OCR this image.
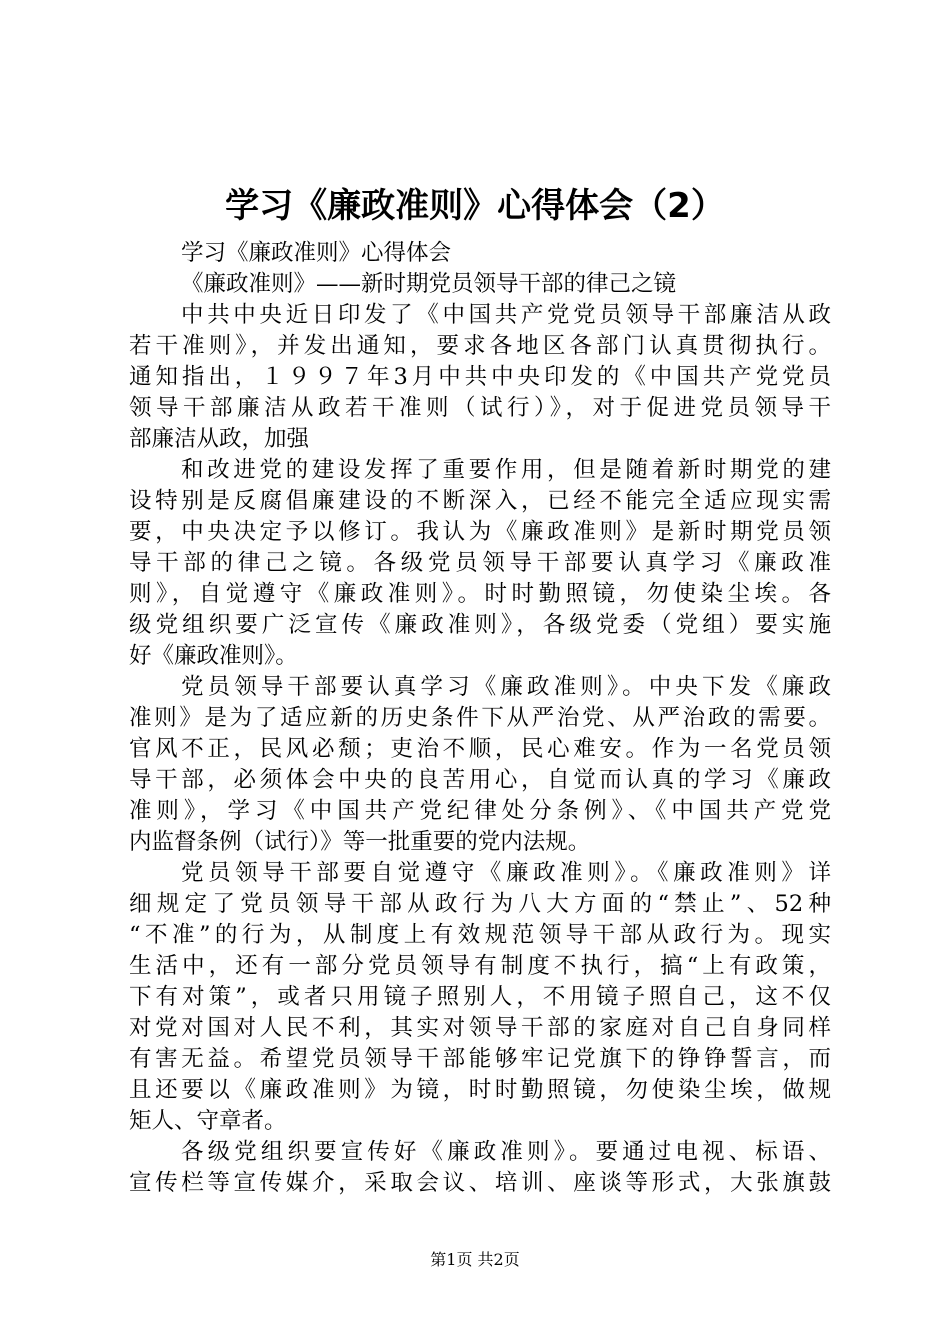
学习《廉政准则》心得体会（2）
学习《廉政准则》心得体会
《廉政准则》——新时期党员领导干部的律己之镜
中共中央近日印发了《中国共产党党员领导干部廉洁从政
若干准则》，并发出通知，要求各地区各部门认真贯彻执行。
通知指出，１９９７年3月中共中央印发的《中国共产党党员
领导干部廉洁从政若干准则（试行）》，对于促进党员领导干
部廉洁从政，加强
和改进党的建设发挥了重要作用，但是随着新时期党的建
设特别是反腐倡廉建设的不断深入，已经不能完全适应现实需
要，中央决定予以修订。我认为《廉政准则》是新时期党员领
导干部的律己之镜。各级党员领导干部要认真学习《廉政准
则》，自觉遵守《廉政准则》。时时勤照镜，勿使染尘埃。各
级党组织要广泛宣传《廉政准则》，各级党委（党组）要实施
好《廉政准则》。
党员领导干部要认真学习《廉政准则》。中央下发《廉政
准则》是为了适应新的历史条件下从严治党、从严治政的需要。
官风不正，民风必颓；吏治不顺，民心难安。作为一名党员领
导干部，必须体会中央的良苦用心，自觉而认真的学习《廉政
准则》，学习《中国共产党纪律处分条例》、《中国共产党党
内监督条例（试行）》等一批重要的党内法规。
党员领导干部要自觉遵守《廉政准则》。《廉政准则》详
细规定了党员领导干部从政行为八大方面的“禁止”、52种
“不准”的行为，从制度上有效规范领导干部从政行为。现实
生活中，还有一部分党员领导有制度不执行，搞“上有政策，
下有对策”，或者只用镜子照别人，不用镜子照自己，这不仅
对党对国对人民不利，其实对领导干部的家庭对自己自身同样
有害无益。希望党员领导干部能够牢记党旗下的铮铮誓言，而
且还要以《廉政准则》为镜，时时勤照镜，勿使染尘埃，做规
矩人、守章者。
各级党组织要宣传好《廉政准则》。要通过电视、标语、
宣传栏等宣传媒介，采取会议、培训、座谈等形式，大张旗鼓
第1页 共2页
